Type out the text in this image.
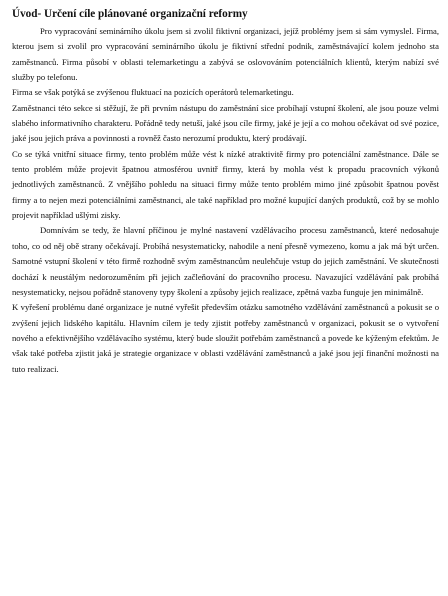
Úvod- Určení cíle plánované organizační reformy

Pro vypracování seminárního úkolu jsem si zvolil fiktivní organizaci, jejíž problémy jsem si sám vymyslel. Firma, kterou jsem si zvolil pro vypracování seminárního úkolu je fiktivní střední podnik, zaměstnávající kolem jednoho sta zaměstnanců. Firma působí v oblasti telemarketingu a zabývá se oslovováním potenciálních klientů, kterým nabízí své služby po telefonu.

Firma se však potýká se zvýšenou fluktuací na pozicích operátorů telemarketingu.

Zaměstnanci této sekce si stěžují, že při prvním nástupu do zaměstnání sice probíhají vstupní školení, ale jsou pouze velmi slabého informativního charakteru. Pořádně tedy netuší, jaké jsou cíle firmy, jaké je její a co mohou očekávat od své pozice, jaké jsou jejich práva a povinnosti a rovněž často nerozumí produktu, který prodávají.

Co se týká vnitřní situace firmy, tento problém může vést k nízké atraktivitě firmy pro potenciální zaměstnance. Dále se tento problém může projevit špatnou atmosférou uvnitř firmy, která by mohla vést k propadu pracovních výkonů jednotlivých zaměstnanců. Z vnějšího pohledu na situaci firmy může tento problém mimo jiné způsobit špatnou pověst firmy a to nejen mezi potenciálními zaměstnanci, ale také například pro možné kupující daných produktů, což by se mohlo projevit například ušlými zisky.

Domnívám se tedy, že hlavní příčinou je mylné nastavení vzdělávacího procesu zaměstnanců, které nedosahuje toho, co od něj obě strany očekávají. Probíhá nesystematicky, nahodile a není přesně vymezeno, komu a jak má být určen. Samotné vstupní školení v této firmě rozhodně svým zaměstnancům neulehčuje vstup do jejich zaměstnání. Ve skutečnosti dochází k neustálým nedorozuměním při jejich začleňování do pracovního procesu. Navazující vzdělávání pak probíhá nesystematicky, nejsou pořádně stanoveny typy školení a způsoby jejich realizace, zpětná vazba funguje jen minimálně.

K vyřešení problému dané organizace je nutné vyřešit především otázku samotného vzdělávání zaměstnanců a pokusit se o zvýšení jejich lidského kapitálu. Hlavním cílem je tedy zjistit potřeby zaměstnanců v organizaci, pokusit se o vytvoření nového a efektivnějšího vzdělávacího systému, který bude sloužit potřebám zaměstnanců a povede ke kýženým efektům. Je však také potřeba zjistit jaká je strategie organizace v oblasti vzdělávání zaměstnanců a jaké jsou její finanční možnosti na tuto realizaci.
